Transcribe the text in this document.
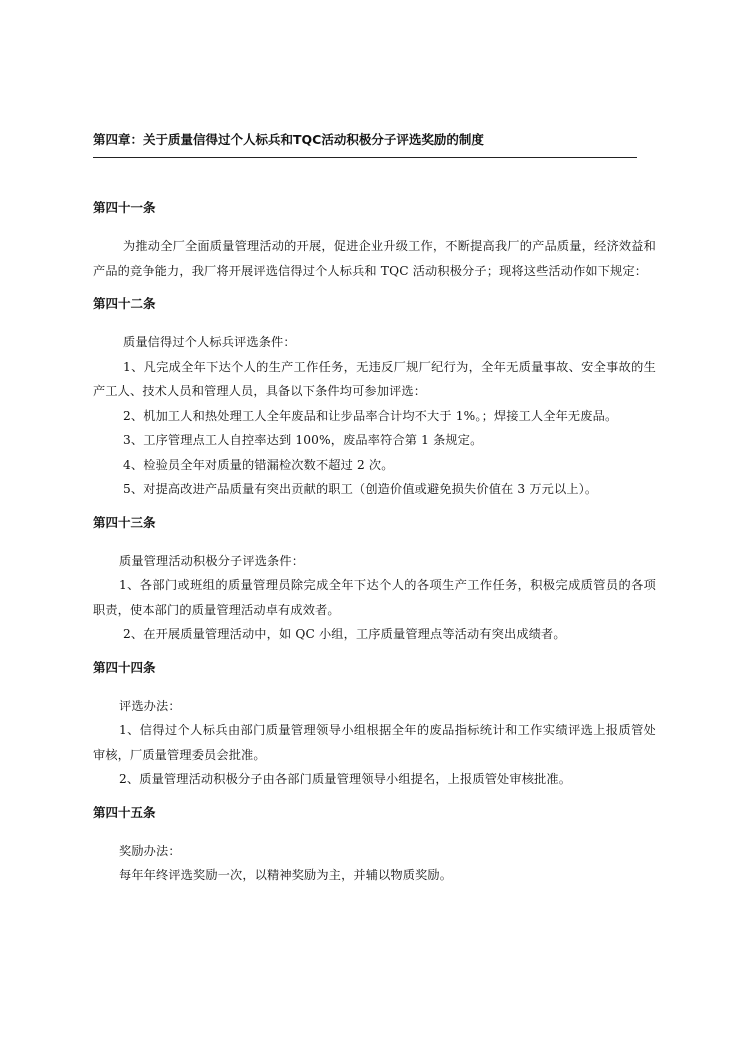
第四章：关于质量信得过个人标兵和TQC活动积极分子评选奖励的制度
第四十一条

为推动全厂全面质量管理活动的开展，促进企业升级工作，不断提高我厂的产品质量，经济效益和产品的竞争能力，我厂将开展评选信得过个人标兵和 TQC 活动积极分子；现将这些活动作如下规定：

第四十二条

质量信得过个人标兵评选条件：

1、凡完成全年下达个人的生产工作任务，无违反厂规厂纪行为，全年无质量事故、安全事故的生产工人、技术人员和管理人员，具备以下条件均可参加评选：

2、机加工人和热处理工人全年废品和让步品率合计均不大于 1%。；焊接工人全年无废品。

3、工序管理点工人自控率达到 100%，废品率符合第 1 条规定。

4、检验员全年对质量的错漏检次数不超过 2 次。

5、对提高改进产品质量有突出贡献的职工（创造价值或避免损失价值在 3 万元以上）。

第四十三条

质量管理活动积极分子评选条件：

1、各部门或班组的质量管理员除完成全年下达个人的各项生产工作任务，积极完成质管员的各项职责，使本部门的质量管理活动卓有成效者。

2、在开展质量管理活动中，如 QC 小组，工序质量管理点等活动有突出成绩者。

第四十四条

评选办法：

1、信得过个人标兵由部门质量管理领导小组根据全年的废品指标统计和工作实绩评选上报质管处审核，厂质量管理委员会批准。

2、质量管理活动积极分子由各部门质量管理领导小组提名，上报质管处审核批准。

第四十五条

奖励办法：

每年年终评选奖励一次，以精神奖励为主，并辅以物质奖励。
